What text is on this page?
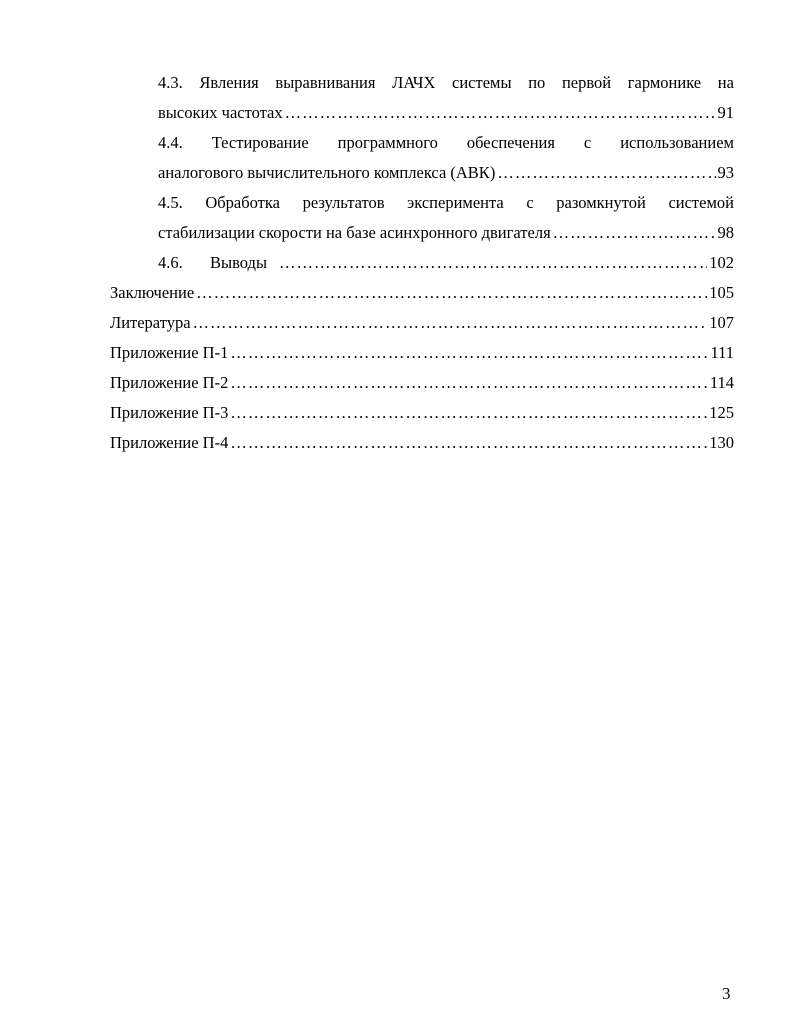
4.3. Явления выравнивания ЛАЧХ системы по первой гармонике на
высоких частотах ……………………………………………………………………………………………………………………………………	91
4.4. Тестирование программного обеспечения с использованием
аналогового вычислительного комплекса (АВК) ……………………………………………………………………………………………………………………………………	93
4.5. Обработка результатов эксперимента с разомкнутой системой
стабилизации скорости на базе асинхронного двигателя ……………………………………………………………………………………………………………………………………	98
4.6.	Выводы ……………………………………………………………………………………………………………………………………	102
Заключение ……………………………………………………………………………………………………………………………………	105
Литература ……………………………………………………………………………………………………………………………………	107
Приложение П-1 ……………………………………………………………………………………………………………………………………	111
Приложение П-2 ……………………………………………………………………………………………………………………………………	114
Приложение П-3 ……………………………………………………………………………………………………………………………………	125
Приложение П-4 ……………………………………………………………………………………………………………………………………	130
3
